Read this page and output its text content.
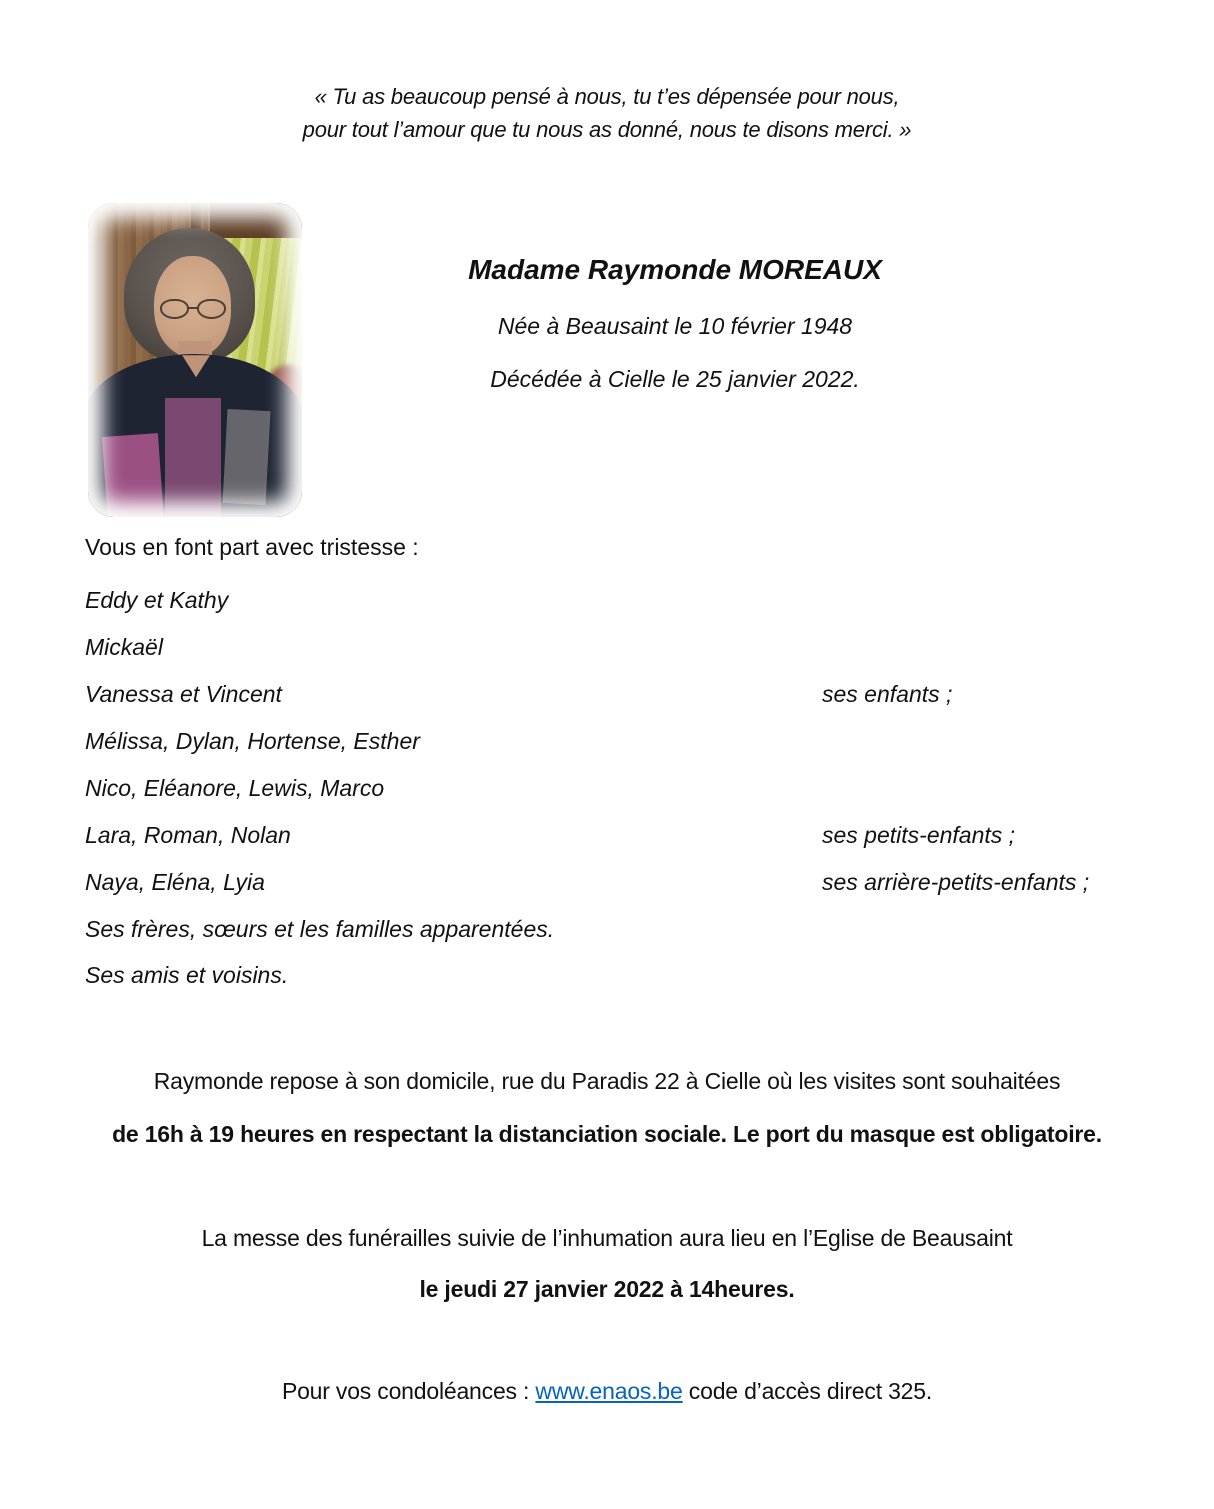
« Tu as beaucoup pensé à nous, tu t’es dépensée pour nous,
pour tout l’amour que tu nous as donné, nous te disons merci. »
Madame Raymonde MOREAUX
Née à Beausaint le 10 février 1948
Décédée à Cielle le 25 janvier 2022.
Vous en font part avec tristesse :
Eddy et Kathy
Mickaël
Vanessa et Vincent	ses enfants ;
Mélissa, Dylan, Hortense, Esther
Nico, Eléanore, Lewis, Marco
Lara, Roman, Nolan	ses petits-enfants ;
Naya, Eléna, Lyia	ses arrière-petits-enfants ;
Ses frères, sœurs et les familles apparentées.
Ses amis et voisins.
Raymonde repose à son domicile, rue du Paradis 22 à Cielle où les visites sont souhaitées
de 16h à 19 heures en respectant la distanciation sociale. Le port du masque est obligatoire.
La messe des funérailles suivie de l’inhumation aura lieu en l’Eglise de Beausaint
le jeudi 27 janvier 2022 à 14heures.
Pour vos condoléances : www.enaos.be code d’accès direct 325.
